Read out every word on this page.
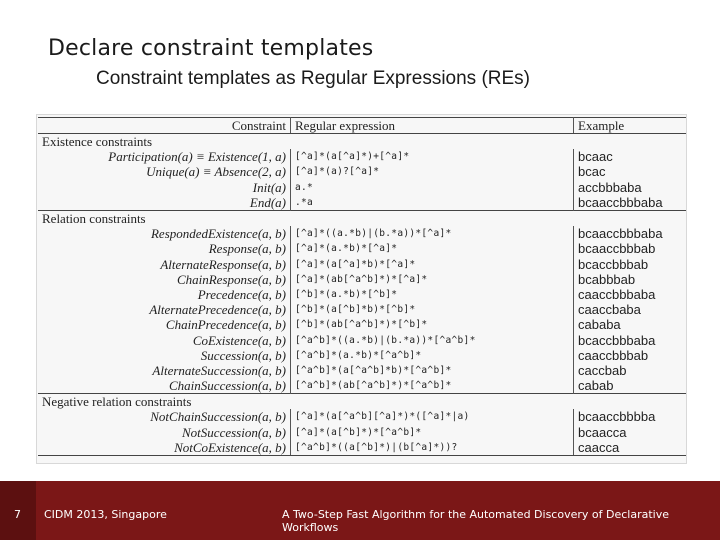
Declare constraint templates
Constraint templates as Regular Expressions (REs)
Constraint	Regular expression	Example
Existence constraints		
Participation(a) ≡ Existence(1, a)	[^a]*(a[^a]*)+[^a]*	bcaac
Unique(a) ≡ Absence(2, a)	[^a]*(a)?[^a]*	bcac
Init(a)	a.*	accbbbaba
End(a)	.*a	bcaaccbbbaba
Relation constraints		
RespondedExistence(a, b)	[^a]*((a.*b)|(b.*a))*[^a]*	bcaaccbbbaba
Response(a, b)	[^a]*(a.*b)*[^a]*	bcaaccbbbab
AlternateResponse(a, b)	[^a]*(a[^a]*b)*[^a]*	bcaccbbbab
ChainResponse(a, b)	[^a]*(ab[^a^b]*)*[^a]*	bcabbbab
Precedence(a, b)	[^b]*(a.*b)*[^b]*	caaccbbbaba
AlternatePrecedence(a, b)	[^b]*(a[^b]*b)*[^b]*	caaccbaba
ChainPrecedence(a, b)	[^b]*(ab[^a^b]*)*[^b]*	cababa
CoExistence(a, b)	[^a^b]*((a.*b)|(b.*a))*[^a^b]*	bcaccbbbaba
Succession(a, b)	[^a^b]*(a.*b)*[^a^b]*	caaccbbbab
AlternateSuccession(a, b)	[^a^b]*(a[^a^b]*b)*[^a^b]*	caccbab
ChainSuccession(a, b)	[^a^b]*(ab[^a^b]*)*[^a^b]*	cabab
Negative relation constraints		
NotChainSuccession(a, b)	[^a]*(a[^a^b][^a]*)*([^a]*|a)	bcaaccbbbba
NotSuccession(a, b)	[^a]*(a[^b]*)*[^a^b]*	bcaacca
NotCoExistence(a, b)	[^a^b]*((a[^b]*)|(b[^a]*))?	caacca
7 CIDM 2013, Singapore	A Two-Step Fast Algorithm for the Automated Discovery of Declarative Workflows
